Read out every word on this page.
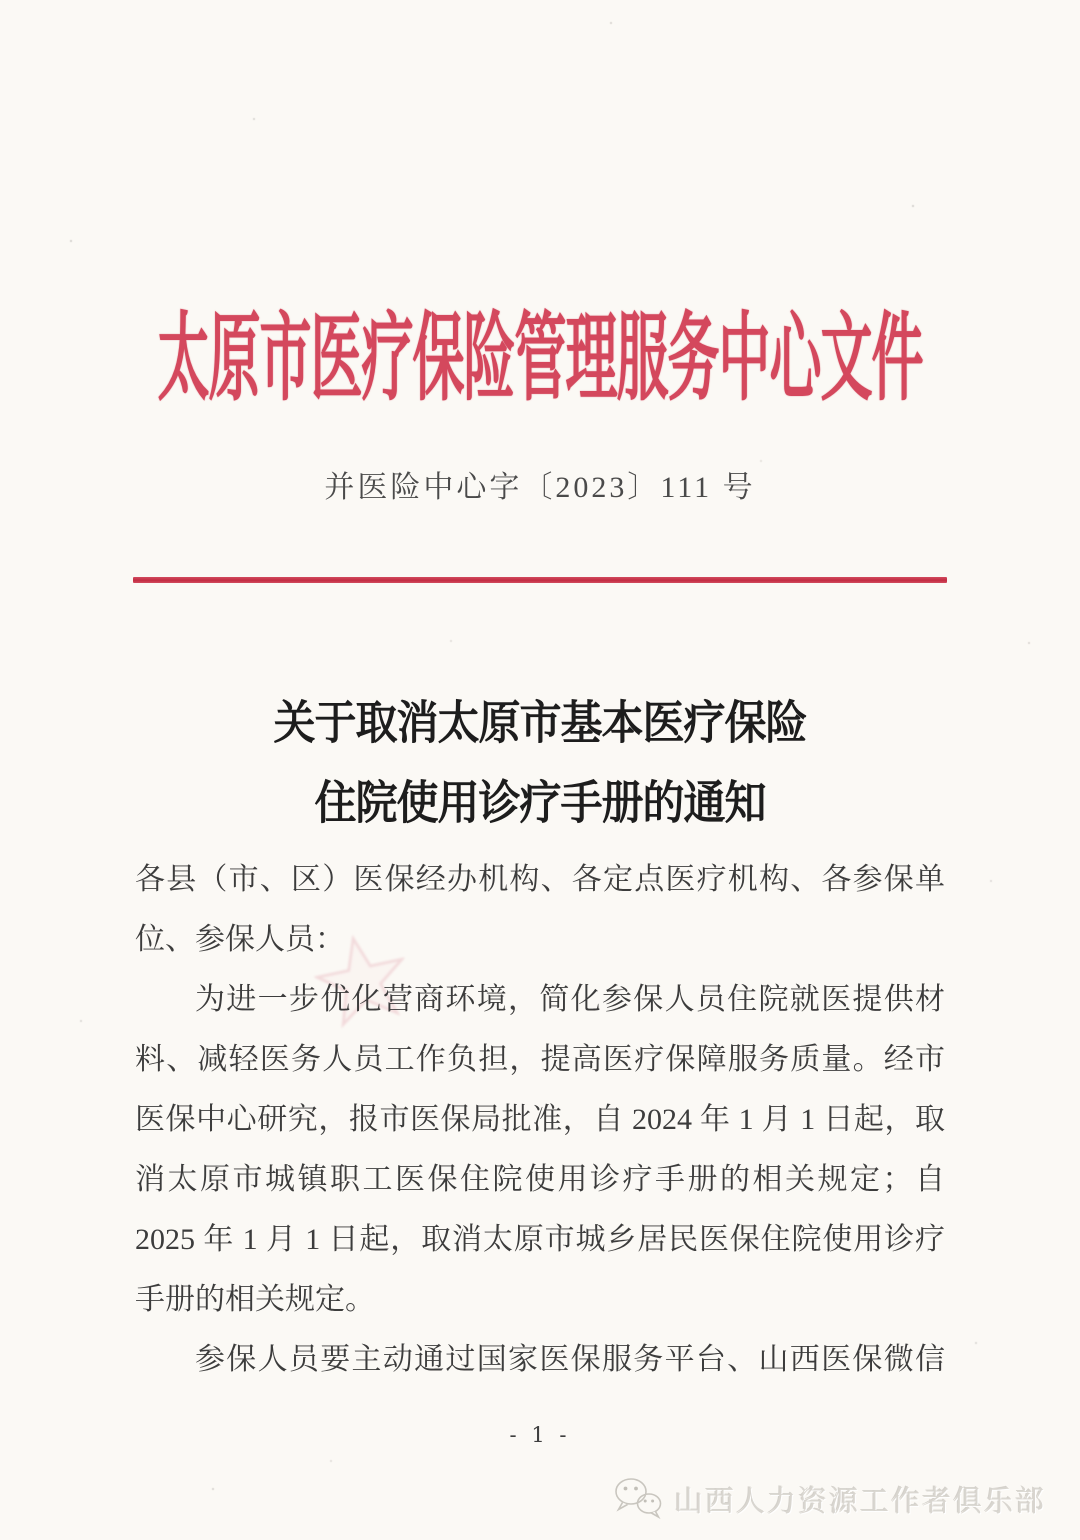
太原市医疗保险管理服务中心文件
并医险中心字〔2023〕111 号
关于取消太原市基本医疗保险
住院使用诊疗手册的通知
各县（市、区）医保经办机构、各定点医疗机构、各参保单
位、参保人员：
为进一步优化营商环境，简化参保人员住院就医提供材
料、减轻医务人员工作负担，提高医疗保障服务质量。经市
医保中心研究，报市医保局批准，自 2024 年 1 月 1 日起，取
消太原市城镇职工医保住院使用诊疗手册的相关规定；自
2025 年 1 月 1 日起，取消太原市城乡居民医保住院使用诊疗
手册的相关规定。
参保人员要主动通过国家医保服务平台、山西医保微信
- 1 -
山西人力资源工作者俱乐部
